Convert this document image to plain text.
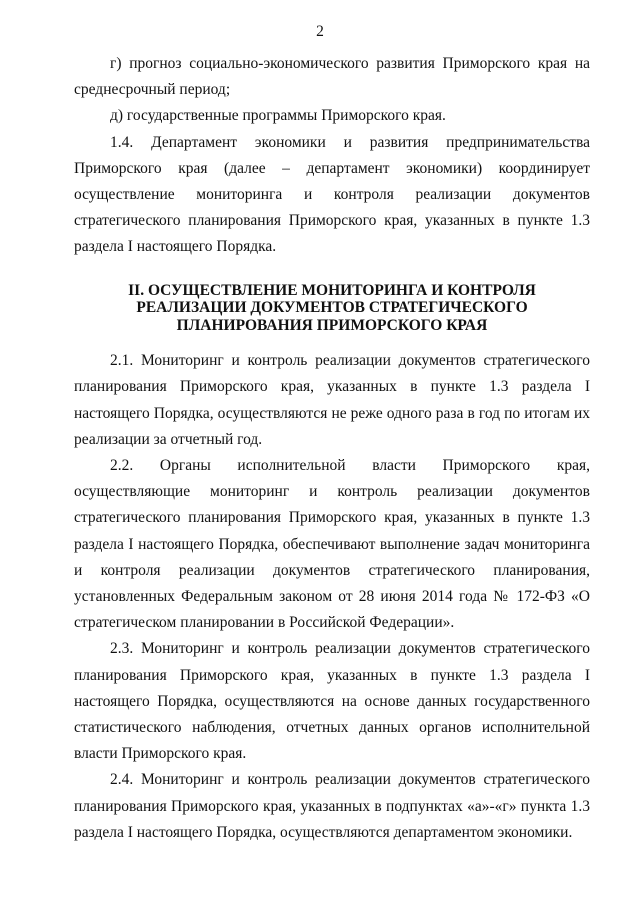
2

г) прогноз социально-экономического развития Приморского края на среднесрочный период;

д) государственные программы Приморского края.

1.4. Департамент экономики и развития предпринимательства Приморского края (далее – департамент экономики) координирует осуществление мониторинга и контроля реализации документов стратегического планирования Приморского края, указанных в пункте 1.3 раздела I настоящего Порядка.

II. ОСУЩЕСТВЛЕНИЕ МОНИТОРИНГА И КОНТРОЛЯ РЕАЛИЗАЦИИ ДОКУМЕНТОВ СТРАТЕГИЧЕСКОГО ПЛАНИРОВАНИЯ ПРИМОРСКОГО КРАЯ

2.1. Мониторинг и контроль реализации документов стратегического планирования Приморского края, указанных в пункте 1.3 раздела I настоящего Порядка, осуществляются не реже одного раза в год по итогам их реализации за отчетный год.

2.2. Органы исполнительной власти Приморского края, осуществляющие мониторинг и контроль реализации документов стратегического планирования Приморского края, указанных в пункте 1.3 раздела I настоящего Порядка, обеспечивают выполнение задач мониторинга и контроля реализации документов стратегического планирования, установленных Федеральным законом от 28 июня 2014 года № 172-ФЗ «О стратегическом планировании в Российской Федерации».

2.3. Мониторинг и контроль реализации документов стратегического планирования Приморского края, указанных в пункте 1.3 раздела I настоящего Порядка, осуществляются на основе данных государственного статистического наблюдения, отчетных данных органов исполнительной власти Приморского края.

2.4. Мониторинг и контроль реализации документов стратегического планирования Приморского края, указанных в подпунктах «а»-«г» пункта 1.3 раздела I настоящего Порядка, осуществляются департаментом экономики.
